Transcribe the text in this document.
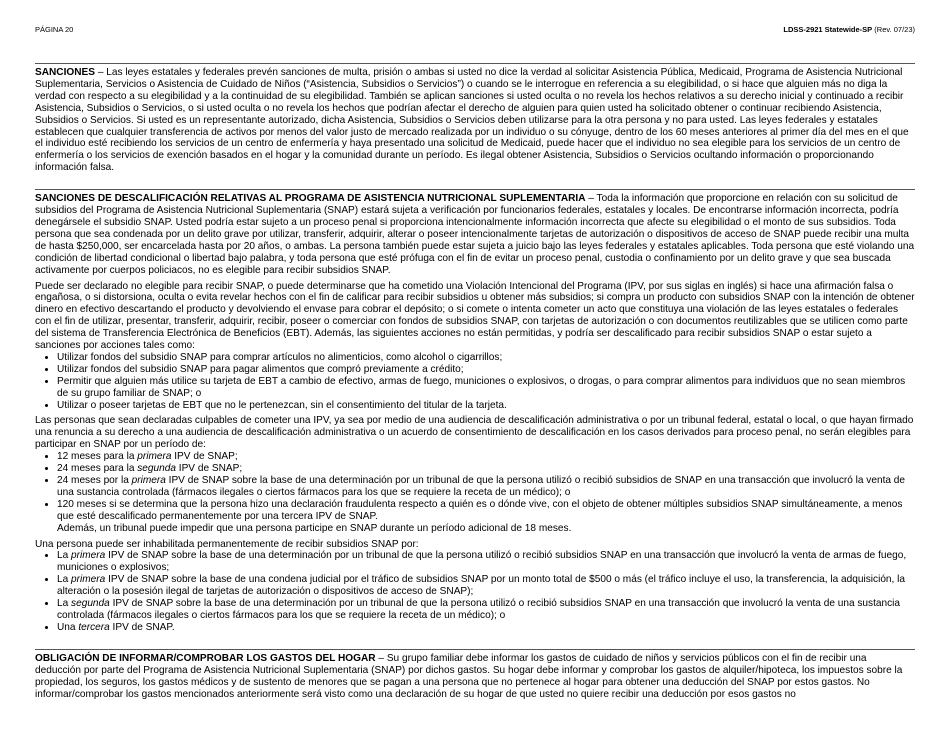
PÁGINA 20	LDSS-2921 Statewide-SP (Rev. 07/23)

SANCIONES – Las leyes estatales y federales prevén sanciones de multa, prisión o ambas si usted no dice la verdad al solicitar Asistencia Pública, Medicaid, Programa de Asistencia Nutricional Suplementaria, Servicios o Asistencia de Cuidado de Niños (“Asistencia, Subsidios o Servicios”) o cuando se le interrogue en referencia a su elegibilidad, o si hace que alguien más no diga la verdad con respecto a su elegibilidad y a la continuidad de su elegibilidad. También se aplican sanciones si usted oculta o no revela los hechos relativos a su derecho inicial y continuado a recibir Asistencia, Subsidios o Servicios, o si usted oculta o no revela los hechos que podrían afectar el derecho de alguien para quien usted ha solicitado obtener o continuar recibiendo Asistencia, Subsidios o Servicios. Si usted es un representante autorizado, dicha Asistencia, Subsidios o Servicios deben utilizarse para la otra persona y no para usted. Las leyes federales y estatales establecen que cualquier transferencia de activos por menos del valor justo de mercado realizada por un individuo o su cónyuge, dentro de los 60 meses anteriores al primer día del mes en el que el individuo esté recibiendo los servicios de un centro de enfermería y haya presentado una solicitud de Medicaid, puede hacer que el individuo no sea elegible para los servicios de un centro de enfermería o los servicios de exención basados en el hogar y la comunidad durante un período. Es ilegal obtener Asistencia, Subsidios o Servicios ocultando información o proporcionando información falsa.

SANCIONES DE DESCALIFICACIÓN RELATIVAS AL PROGRAMA DE ASISTENCIA NUTRICIONAL SUPLEMENTARIA – Toda la información que proporcione en relación con su solicitud de subsidios del Programa de Asistencia Nutricional Suplementaria (SNAP) estará sujeta a verificación por funcionarios federales, estatales y locales. De encontrarse información incorrecta, podría denegársele el subsidio SNAP. Usted podría estar sujeto a un proceso penal si proporciona intencionalmente información incorrecta que afecte su elegibilidad o el monto de sus subsidios. Toda persona que sea condenada por un delito grave por utilizar, transferir, adquirir, alterar o poseer intencionalmente tarjetas de autorización o dispositivos de acceso de SNAP puede recibir una multa de hasta $250,000, ser encarcelada hasta por 20 años, o ambas. La persona también puede estar sujeta a juicio bajo las leyes federales y estatales aplicables. Toda persona que esté violando una condición de libertad condicional o libertad bajo palabra, y toda persona que esté prófuga con el fin de evitar un proceso penal, custodia o confinamiento por un delito grave y que sea buscada activamente por cuerpos policiacos, no es elegible para recibir subsidios SNAP.

Puede ser declarado no elegible para recibir SNAP, o puede determinarse que ha cometido una Violación Intencional del Programa (IPV, por sus siglas en inglés) si hace una afirmación falsa o engañosa, o si distorsiona, oculta o evita revelar hechos con el fin de calificar para recibir subsidios u obtener más subsidios; si compra un producto con subsidios SNAP con la intención de obtener dinero en efectivo descartando el producto y devolviendo el envase para cobrar el depósito; o si comete o intenta cometer un acto que constituya una violación de las leyes estatales o federales con el fin de utilizar, presentar, transferir, adquirir, recibir, poseer o comerciar con fondos de subsidios SNAP, con tarjetas de autorización o con documentos reutilizables que se utilicen como parte del sistema de Transferencia Electrónica de Beneficios (EBT). Además, las siguientes acciones no están permitidas, y podría ser descalificado para recibir subsidios SNAP o estar sujeto a sanciones por acciones tales como:

• Utilizar fondos del subsidio SNAP para comprar artículos no alimenticios, como alcohol o cigarrillos;
• Utilizar fondos del subsidio SNAP para pagar alimentos que compró previamente a crédito;
• Permitir que alguien más utilice su tarjeta de EBT a cambio de efectivo, armas de fuego, municiones o explosivos, o drogas, o para comprar alimentos para individuos que no sean miembros de su grupo familiar de SNAP; o
• Utilizar o poseer tarjetas de EBT que no le pertenezcan, sin el consentimiento del titular de la tarjeta.

Las personas que sean declaradas culpables de cometer una IPV, ya sea por medio de una audiencia de descalificación administrativa o por un tribunal federal, estatal o local, o que hayan firmado una renuncia a su derecho a una audiencia de descalificación administrativa o un acuerdo de consentimiento de descalificación en los casos derivados para proceso penal, no serán elegibles para participar en SNAP por un período de:

• 12 meses para la primera IPV de SNAP;
• 24 meses para la segunda IPV de SNAP;
• 24 meses por la primera IPV de SNAP sobre la base de una determinación por un tribunal de que la persona utilizó o recibió subsidios de SNAP en una transacción que involucró la venta de una sustancia controlada (fármacos ilegales o ciertos fármacos para los que se requiere la receta de un médico); o
• 120 meses si se determina que la persona hizo una declaración fraudulenta respecto a quién es o dónde vive, con el objeto de obtener múltiples subsidios SNAP simultáneamente, a menos que esté descalificado permanentemente por una tercera IPV de SNAP.
Además, un tribunal puede impedir que una persona participe en SNAP durante un período adicional de 18 meses.

Una persona puede ser inhabilitada permanentemente de recibir subsidios SNAP por:

• La primera IPV de SNAP sobre la base de una determinación por un tribunal de que la persona utilizó o recibió subsidios SNAP en una transacción que involucró la venta de armas de fuego, municiones o explosivos;
• La primera IPV de SNAP sobre la base de una condena judicial por el tráfico de subsidios SNAP por un monto total de $500 o más (el tráfico incluye el uso, la transferencia, la adquisición, la alteración o la posesión ilegal de tarjetas de autorización o dispositivos de acceso de SNAP);
• La segunda IPV de SNAP sobre la base de una determinación por un tribunal de que la persona utilizó o recibió subsidios SNAP en una transacción que involucró la venta de una sustancia controlada (fármacos ilegales o ciertos fármacos para los que se requiere la receta de un médico); o
• Una tercera IPV de SNAP.

OBLIGACIÓN DE INFORMAR/COMPROBAR LOS GASTOS DEL HOGAR – Su grupo familiar debe informar los gastos de cuidado de niños y servicios públicos con el fin de recibir una deducción por parte del Programa de Asistencia Nutricional Suplementaria (SNAP) por dichos gastos. Su hogar debe informar y comprobar los gastos de alquiler/hipoteca, los impuestos sobre la propiedad, los seguros, los gastos médicos y de sustento de menores que se pagan a una persona que no pertenece al hogar para obtener una deducción del SNAP por estos gastos. No informar/comprobar los gastos mencionados anteriormente será visto como una declaración de su hogar de que usted no quiere recibir una deducción por esos gastos no
